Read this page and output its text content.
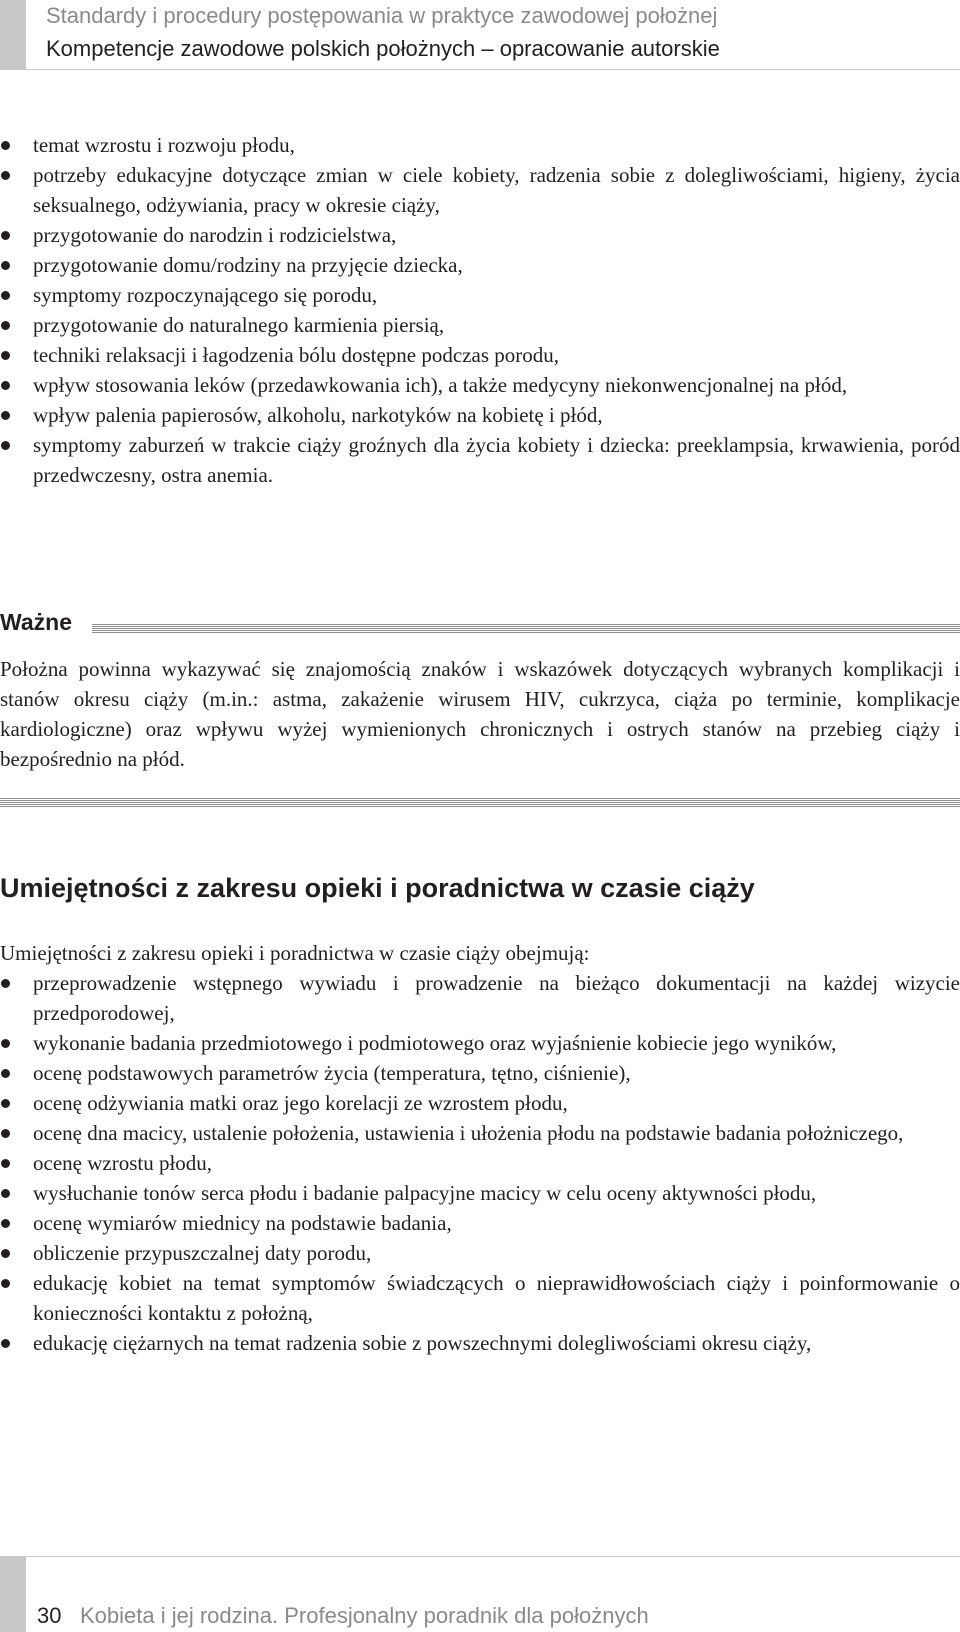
Standardy i procedury postępowania w praktyce zawodowej położnej
Kompetencje zawodowe polskich położnych – opracowanie autorskie
temat wzrostu i rozwoju płodu,
potrzeby edukacyjne dotyczące zmian w ciele kobiety, radzenia sobie z dolegliwościami, higieny, życia seksualnego, odżywiania, pracy w okresie ciąży,
przygotowanie do narodzin i rodzicielstwa,
przygotowanie domu/rodziny na przyjęcie dziecka,
symptomy rozpoczynającego się porodu,
przygotowanie do naturalnego karmienia piersią,
techniki relaksacji i łagodzenia bólu dostępne podczas porodu,
wpływ stosowania leków (przedawkowania ich), a także medycyny niekonwencjonalnej na płód,
wpływ palenia papierosów, alkoholu, narkotyków na kobietę i płód,
symptomy zaburzeń w trakcie ciąży groźnych dla życia kobiety i dziecka: preeklampsia, krwawienia, poród przedwczesny, ostra anemia.
Ważne
Położna powinna wykazywać się znajomością znaków i wskazówek dotyczących wybranych komplikacji i stanów okresu ciąży (m.in.: astma, zakażenie wirusem HIV, cukrzyca, ciąża po terminie, komplikacje kardiologiczne) oraz wpływu wyżej wymienionych chronicznych i ostrych stanów na przebieg ciąży i bezpośrednio na płód.
Umiejętności z zakresu opieki i poradnictwa w czasie ciąży
Umiejętności z zakresu opieki i poradnictwa w czasie ciąży obejmują:
przeprowadzenie wstępnego wywiadu i prowadzenie na bieżąco dokumentacji na każdej wizycie przedporodowej,
wykonanie badania przedmiotowego i podmiotowego oraz wyjaśnienie kobiecie jego wyników,
ocenę podstawowych parametrów życia (temperatura, tętno, ciśnienie),
ocenę odżywiania matki oraz jego korelacji ze wzrostem płodu,
ocenę dna macicy, ustalenie położenia, ustawienia i ułożenia płodu na podstawie badania położniczego,
ocenę wzrostu płodu,
wysłuchanie tonów serca płodu i badanie palpacyjne macicy w celu oceny aktywności płodu,
ocenę wymiarów miednicy na podstawie badania,
obliczenie przypuszczalnej daty porodu,
edukację kobiet na temat symptomów świadczących o nieprawidłowościach ciąży i poinformowanie o konieczności kontaktu z położną,
edukację ciężarnych na temat radzenia sobie z powszechnymi dolegliwościami okresu ciąży,
30 Kobieta i jej rodzina. Profesjonalny poradnik dla położnych
